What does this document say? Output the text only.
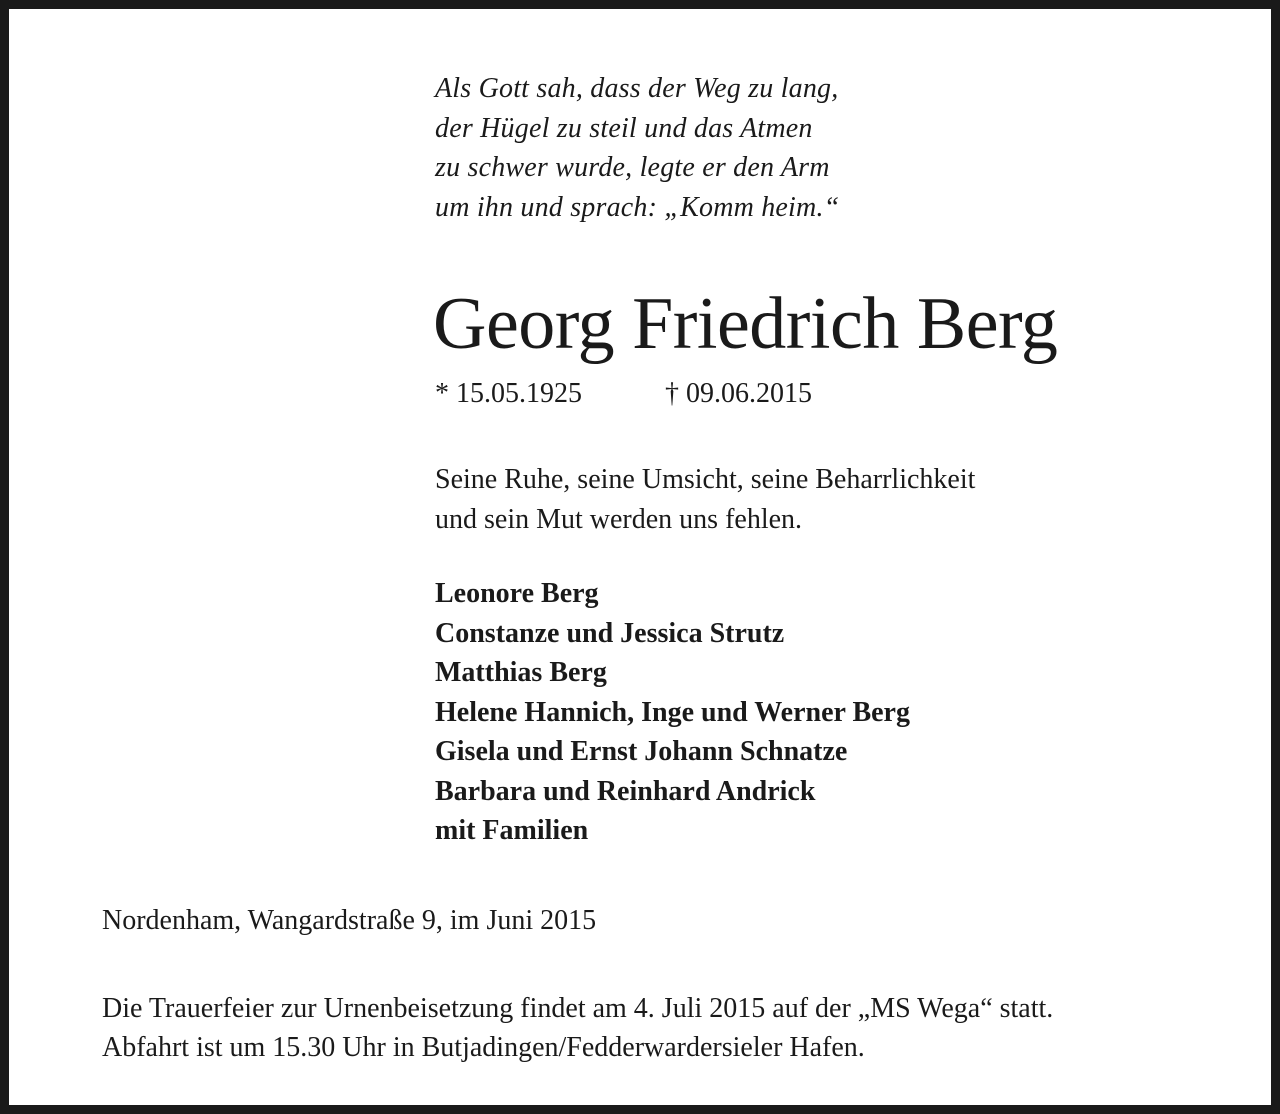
Als Gott sah, dass der Weg zu lang,
der Hügel zu steil und das Atmen
zu schwer wurde, legte er den Arm
um ihn und sprach: „Komm heim.“
Georg Friedrich Berg
* 15.05.1925	† 09.06.2015
Seine Ruhe, seine Umsicht, seine Beharrlichkeit
und sein Mut werden uns fehlen.
Leonore Berg
Constanze und Jessica Strutz
Matthias Berg
Helene Hannich, Inge und Werner Berg
Gisela und Ernst Johann Schnatze
Barbara und Reinhard Andrick
mit Familien
Nordenham, Wangardstraße 9, im Juni 2015
Die Trauerfeier zur Urnenbeisetzung findet am 4. Juli 2015 auf der „MS Wega“ statt.
Abfahrt ist um 15.30 Uhr in Butjadingen/Fedderwardersieler Hafen.
